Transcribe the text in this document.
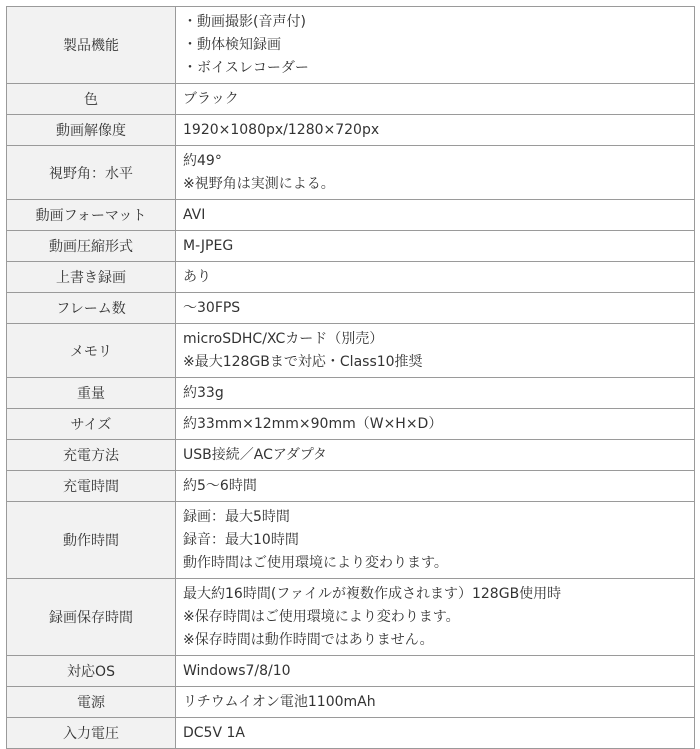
製品機能	・動画撮影(音声付)
・動体検知録画
・ボイスレコーダー

色	ブラック

動画解像度	1920×1080px/1280×720px

視野角：水平	約49°
※視野角は実測による。

動画フォーマット	AVI

動画圧縮形式	M-JPEG

上書き録画	あり

フレーム数	～30FPS

メモリ	microSDHC/XCカード（別売）
※最大128GBまで対応・Class10推奨

重量	約33g

サイズ	約33mm×12mm×90mm（W×H×D）

充電方法	USB接続／ACアダプタ

充電時間	約5～6時間

動作時間	録画：最大5時間
録音：最大10時間
動作時間はご使用環境により変わります。

録画保存時間	最大約16時間(ファイルが複数作成されます）128GB使用時
※保存時間はご使用環境により変わります。
※保存時間は動作時間ではありません。

対応OS	Windows7/8/10

電源	リチウムイオン電池1100mAh

入力電圧	DC5V 1A
